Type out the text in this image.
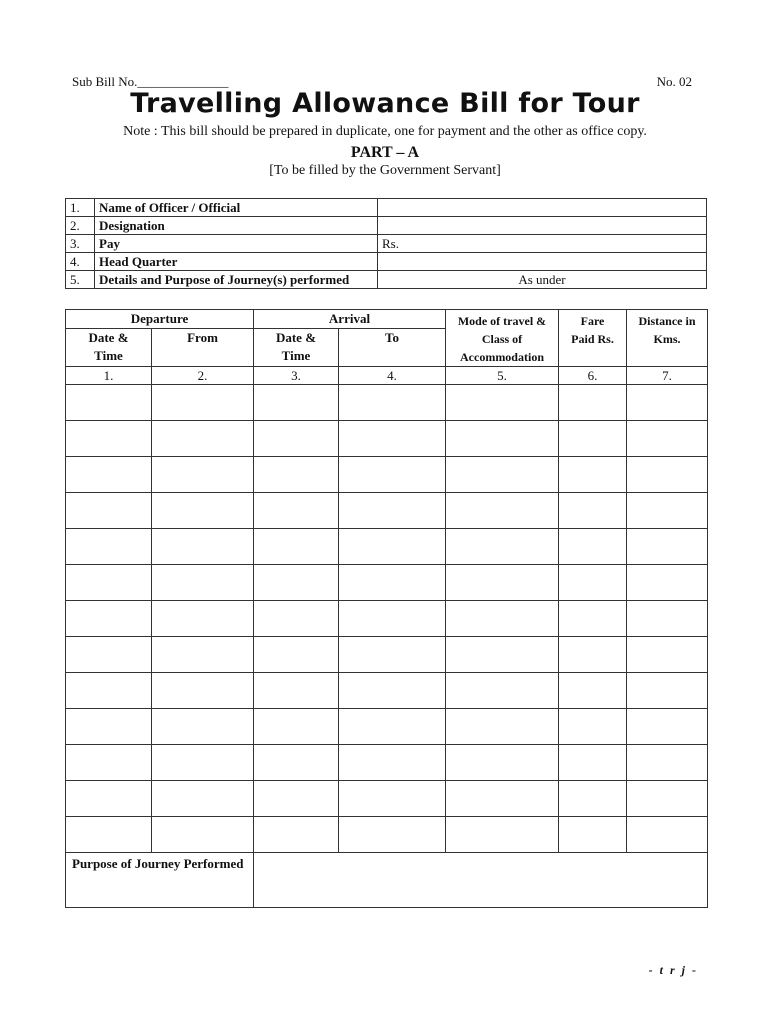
Sub Bill No.______________	No. 02
Travelling Allowance Bill for Tour
Note : This bill should be prepared in duplicate, one for payment and the other as office copy.
PART – A
[To be filled by the Government Servant]
1.	Name of Officer / Official	
2.	Designation	
3.	Pay	Rs.
4.	Head Quarter	
5.	Details and Purpose of Journey(s) performed	As under
Departure		Arrival		Mode of travel & Class of Accommodation	Fare Paid Rs.	Distance in Kms.
Date & Time	From	Date & Time	To			
1.	2.	3.	4.	5.	6.	7.

Purpose of Journey Performed						
- t r j -
